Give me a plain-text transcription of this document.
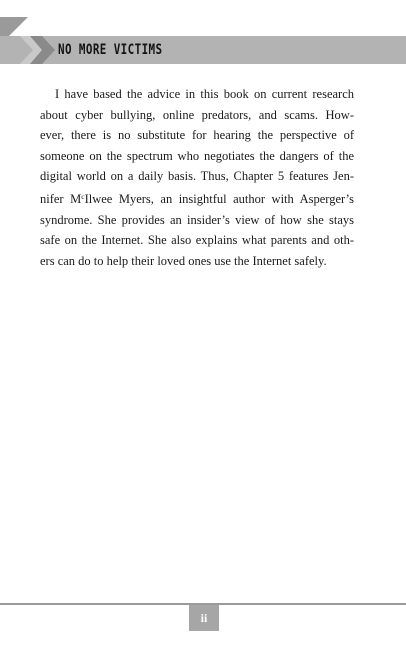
NO MORE VICTIMS
I have based the advice in this book on current research
about cyber bullying, online predators, and scams. How-
ever, there is no substitute for hearing the perspective of
someone on the spectrum who negotiates the dangers of the
digital world on a daily basis. Thus, Chapter 5 features Jen-
nifer $M^cIlwee$ Myers, an insightful author with Asperger’s
syndrome. She provides an insider’s view of how she stays
safe on the Internet. She also explains what parents and oth-
ers can do to help their loved ones use the Internet safely.
ii
